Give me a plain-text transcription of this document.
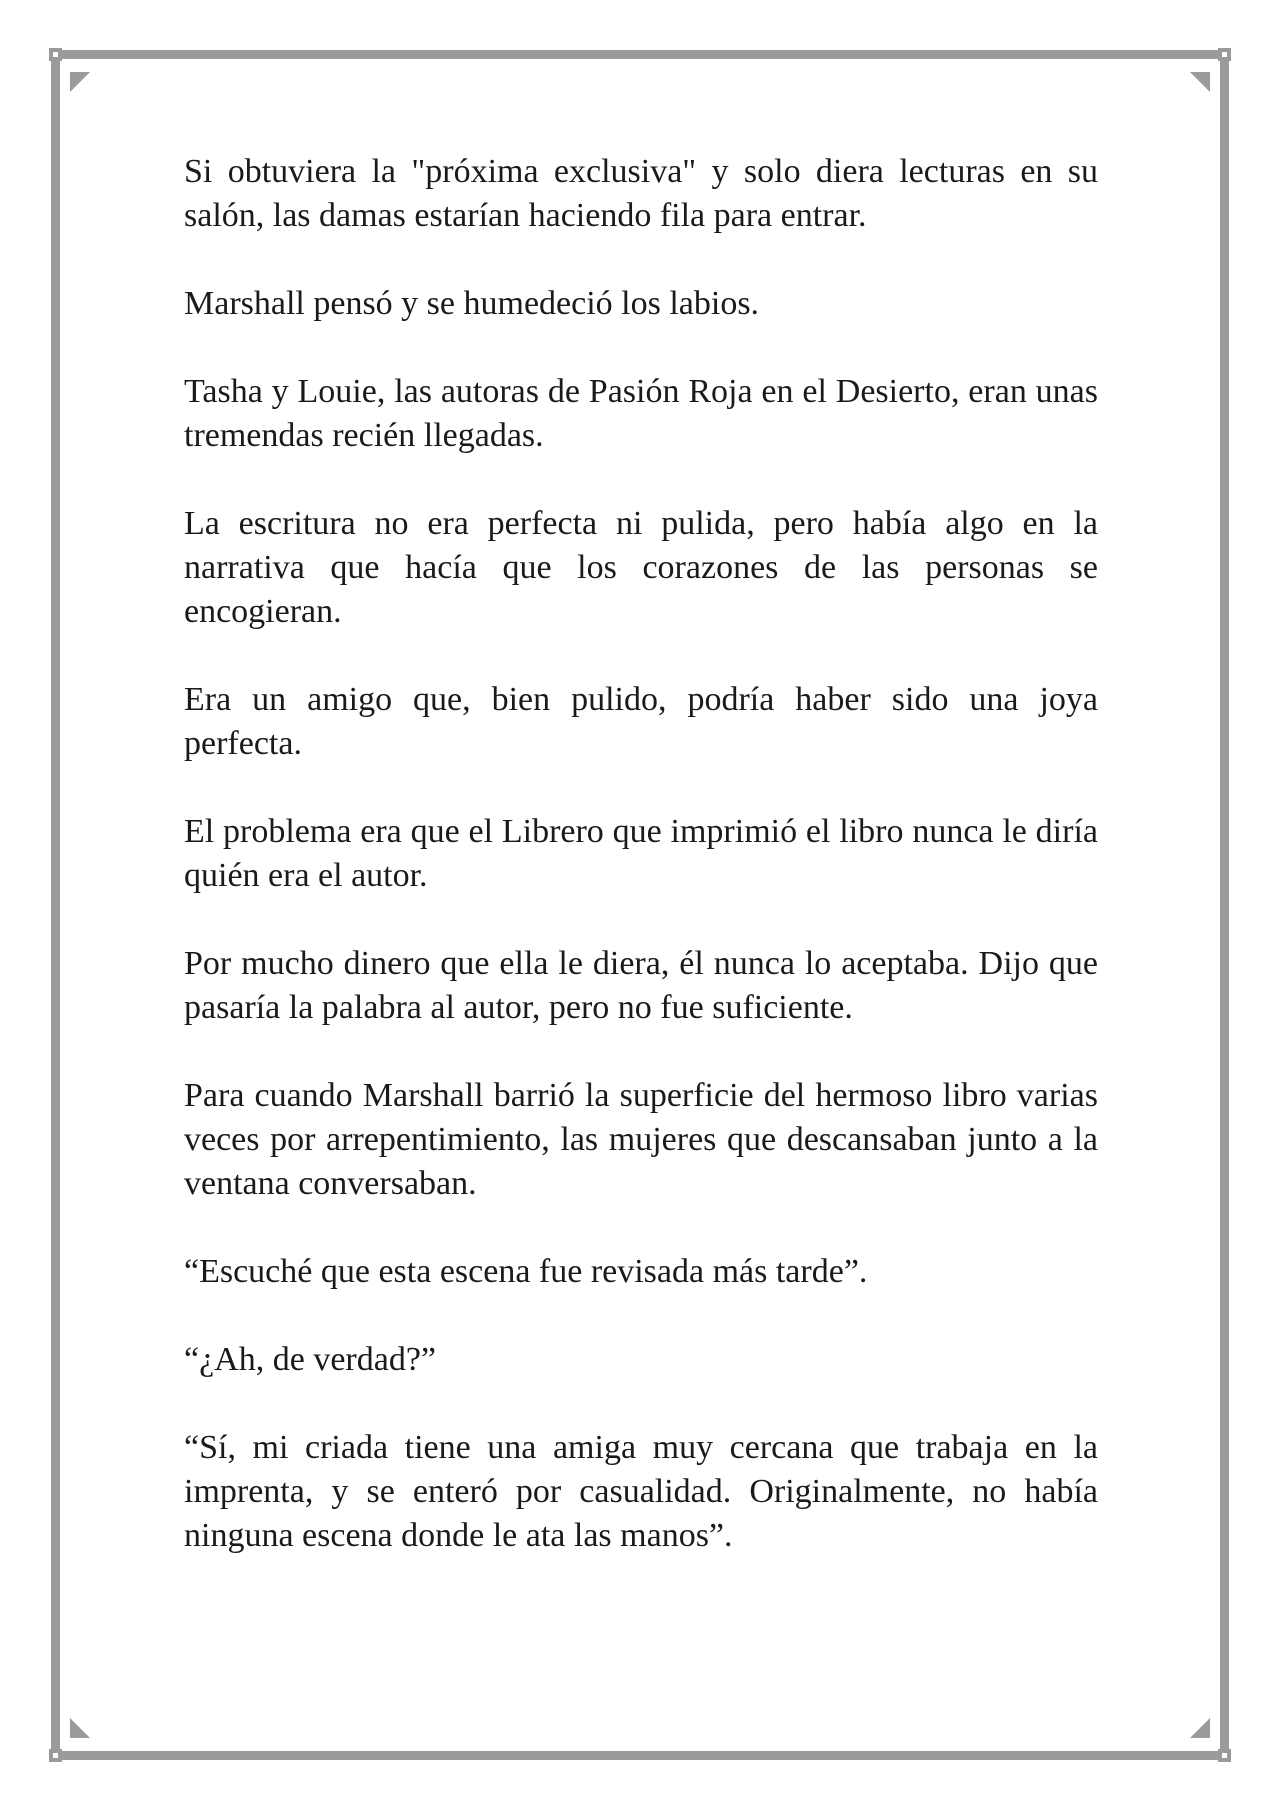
Si obtuviera la "próxima exclusiva" y solo diera lecturas en su salón, las damas estarían haciendo fila para entrar.

Marshall pensó y se humedeció los labios.

Tasha y Louie, las autoras de Pasión Roja en el Desierto, eran unas tremendas recién llegadas.

La escritura no era perfecta ni pulida, pero había algo en la narrativa que hacía que los corazones de las personas se encogieran.

Era un amigo que, bien pulido, podría haber sido una joya perfecta.

El problema era que el Librero que imprimió el libro nunca le diría quién era el autor.

Por mucho dinero que ella le diera, él nunca lo aceptaba. Dijo que pasaría la palabra al autor, pero no fue suficiente.

Para cuando Marshall barrió la superficie del hermoso libro varias veces por arrepentimiento, las mujeres que descansaban junto a la ventana conversaban.

“Escuché que esta escena fue revisada más tarde”.

“¿Ah, de verdad?”

“Sí, mi criada tiene una amiga muy cercana que trabaja en la imprenta, y se enteró por casualidad. Originalmente, no había ninguna escena donde le ata las manos”.
